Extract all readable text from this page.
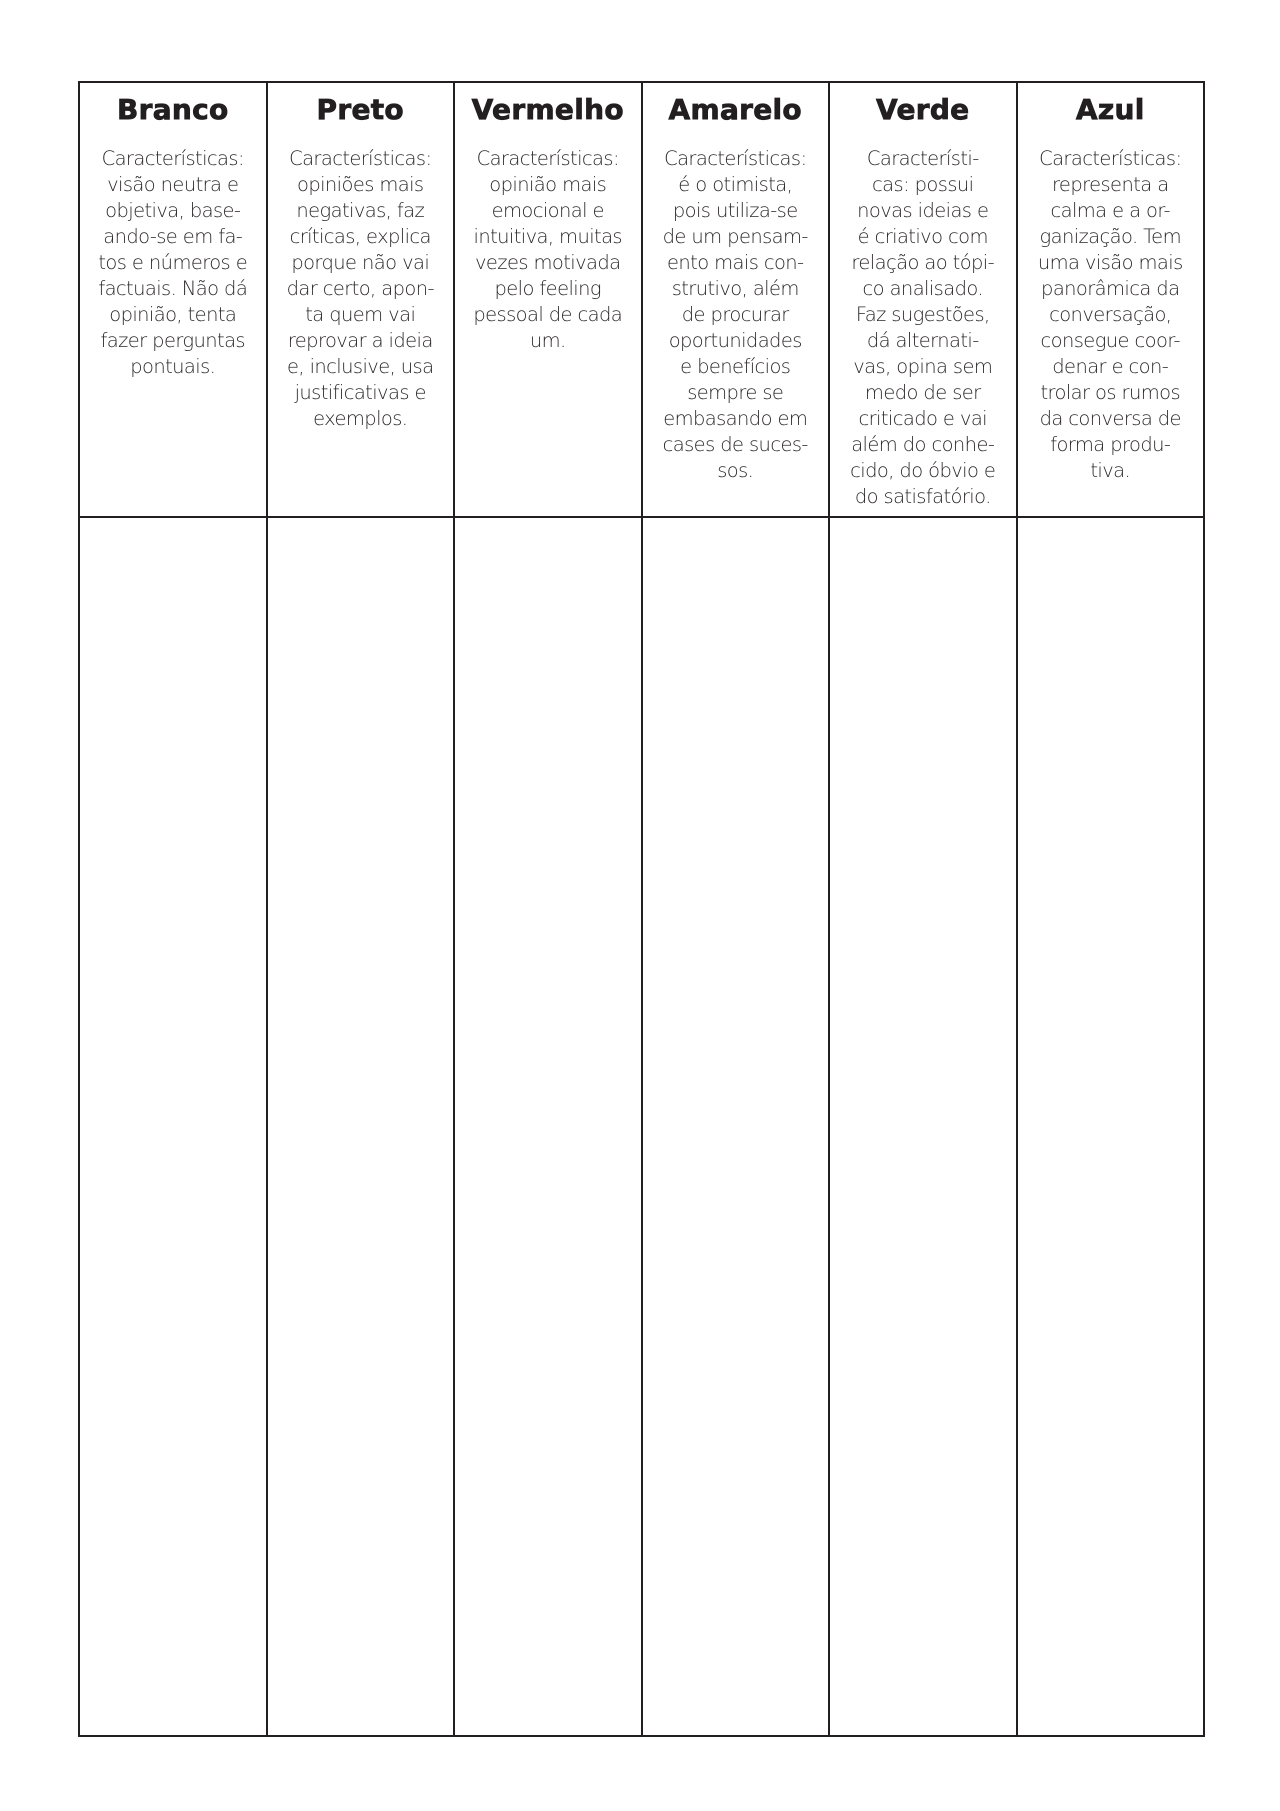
Branco

Características:
visão neutra e
objetiva, base-
ando-se em fa-
tos e números e
factuais. Não dá
opinião, tenta
fazer perguntas
pontuais.

Preto

Características:
opiniões mais
negativas, faz
críticas, explica
porque não vai
dar certo, apon-
ta quem vai
reprovar a ideia
e, inclusive, usa
justificativas e
exemplos.

Vermelho

Características:
opinião mais
emocional e
intuitiva, muitas
vezes motivada
pelo feeling
pessoal de cada
um.

Amarelo

Características:
é o otimista,
pois utiliza-se
de um pensam-
ento mais con-
strutivo, além
de procurar
oportunidades
e benefícios
sempre se
embasando em
cases de suces-
sos.

Verde

Característi-
cas: possui
novas ideias e
é criativo com
relação ao tópi-
co analisado.
Faz sugestões,
dá alternati-
vas, opina sem
medo de ser
criticado e vai
além do conhe-
cido, do óbvio e
do satisfatório.

Azul

Características:
representa a
calma e a or-
ganização. Tem
uma visão mais
panorâmica da
conversação,
consegue coor-
denar e con-
trolar os rumos
da conversa de
forma produ-
tiva.
